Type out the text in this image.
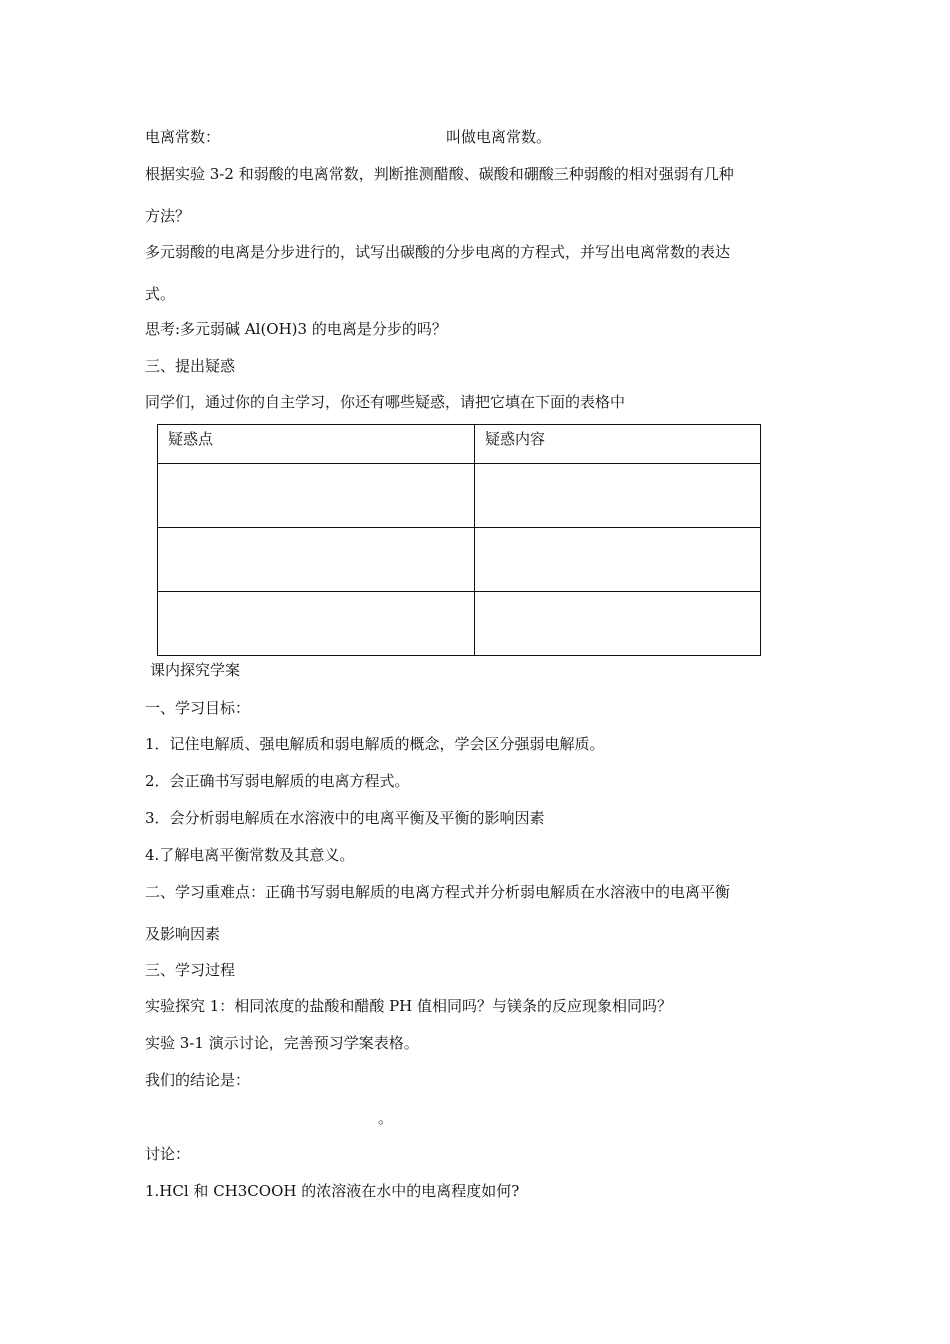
电离常数：	叫做电离常数。
根据实验 3-2 和弱酸的电离常数，判断推测醋酸、碳酸和硼酸三种弱酸的相对强弱有几种
方法？
多元弱酸的电离是分步进行的，试写出碳酸的分步电离的方程式，并写出电离常数的表达
式。
思考:多元弱碱 Al(OH)3 的电离是分步的吗？
三、提出疑惑
同学们，通过你的自主学习，你还有哪些疑惑，请把它填在下面的表格中
疑惑点	疑惑内容

课内探究学案
一、学习目标：
1．记住电解质、强电解质和弱电解质的概念，学会区分强弱电解质。
2．会正确书写弱电解质的电离方程式。
3．会分析弱电解质在水溶液中的电离平衡及平衡的影响因素
4.了解电离平衡常数及其意义。
二、学习重难点：正确书写弱电解质的电离方程式并分析弱电解质在水溶液中的电离平衡
及影响因素
三、学习过程
实验探究 1：相同浓度的盐酸和醋酸 PH 值相同吗？与镁条的反应现象相同吗？
实验 3-1 演示讨论，完善预习学案表格。
我们的结论是：
。
讨论：
1.HCl 和 CH3COOH 的浓溶液在水中的电离程度如何?
